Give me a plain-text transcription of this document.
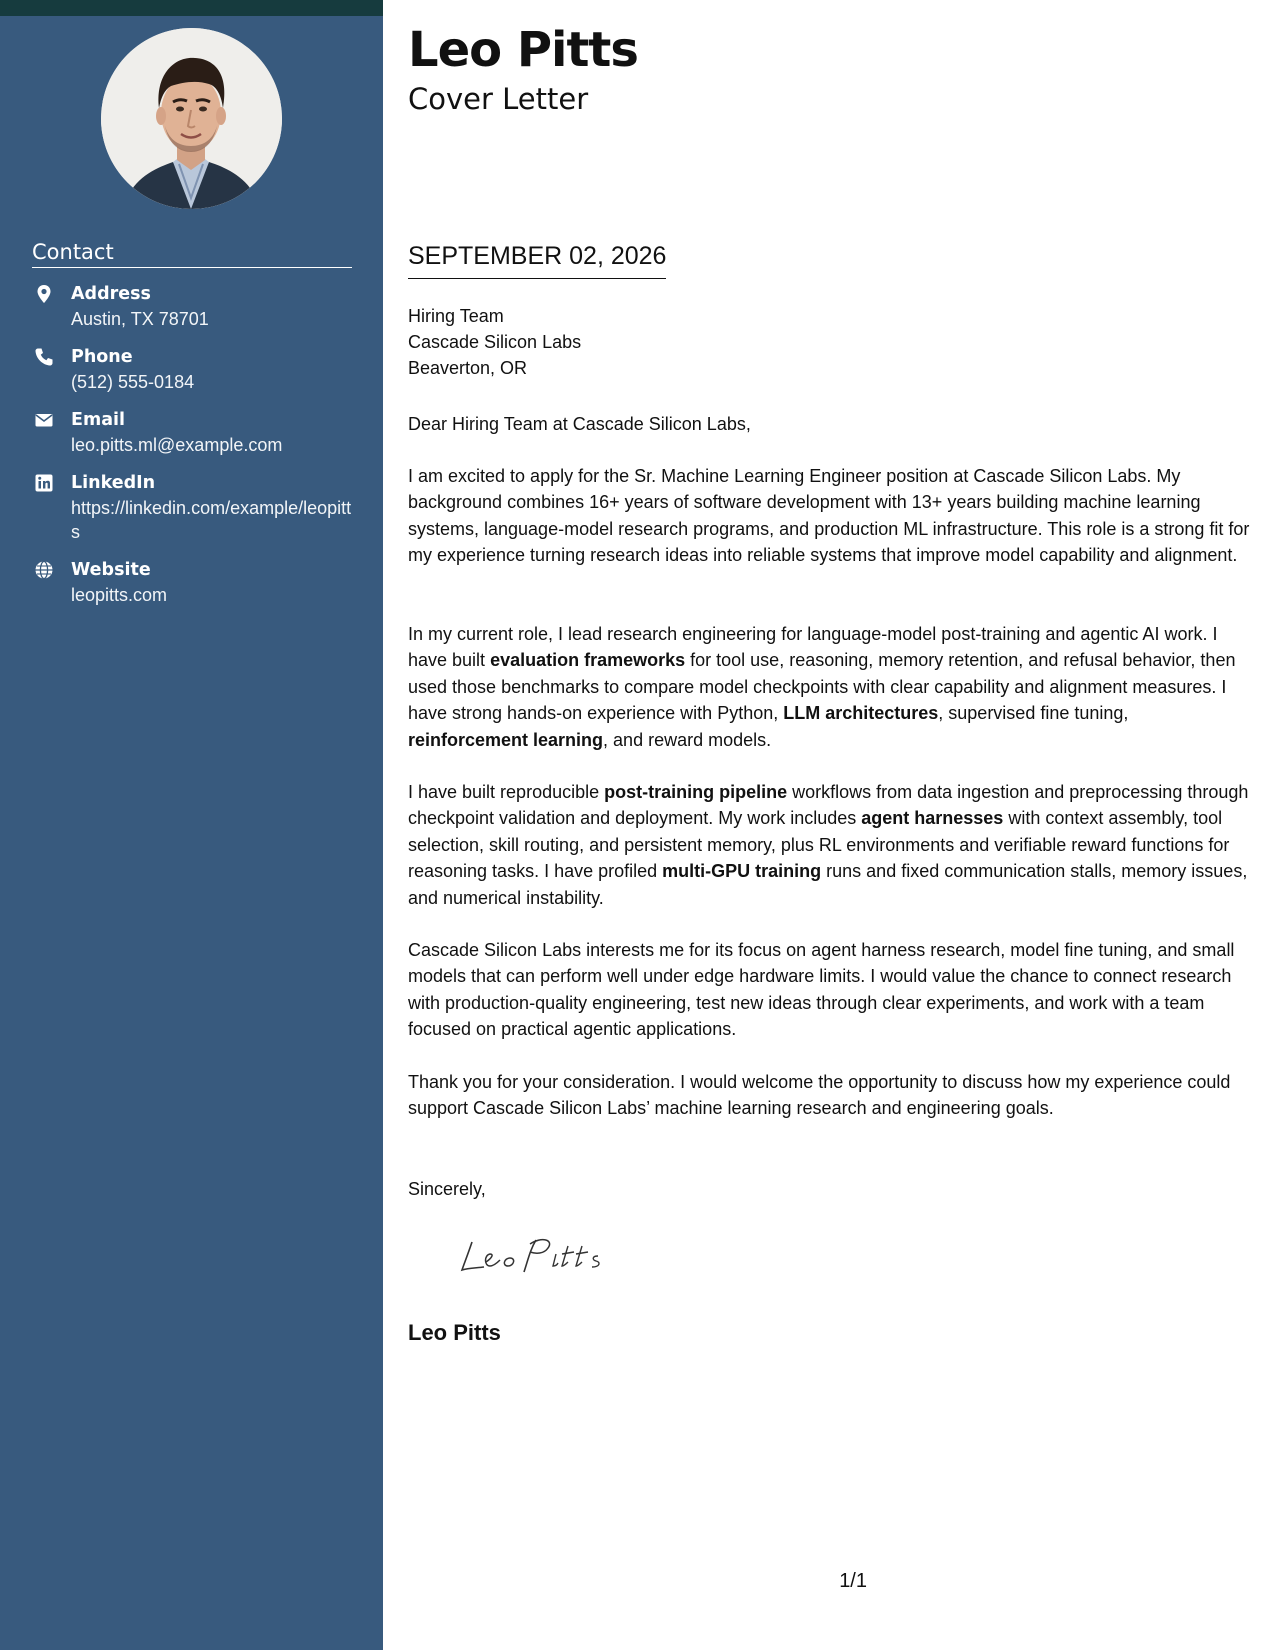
Contact
Address
Austin, TX 78701
Phone
(512) 555-0184
Email
leo.pitts.ml@example.com
LinkedIn
https://linkedin.com/example/leopitts
Website
leopitts.com
Leo Pitts
Cover Letter
SEPTEMBER 02, 2026
Hiring Team
Cascade Silicon Labs
Beaverton, OR
Dear Hiring Team at Cascade Silicon Labs,

I am excited to apply for the Sr. Machine Learning Engineer position at Cascade Silicon Labs. My background combines 16+ years of software development with 13+ years building machine learning systems, language-model research programs, and production ML infrastructure. This role is a strong fit for my experience turning research ideas into reliable systems that improve model capability and alignment.

In my current role, I lead research engineering for language-model post-training and agentic AI work. I have built evaluation frameworks for tool use, reasoning, memory retention, and refusal behavior, then used those benchmarks to compare model checkpoints with clear capability and alignment measures. I have strong hands-on experience with Python, LLM architectures, supervised fine tuning, reinforcement learning, and reward models.

I have built reproducible post-training pipeline workflows from data ingestion and preprocessing through checkpoint validation and deployment. My work includes agent harnesses with context assembly, tool selection, skill routing, and persistent memory, plus RL environments and verifiable reward functions for reasoning tasks. I have profiled multi-GPU training runs and fixed communication stalls, memory issues, and numerical instability.

Cascade Silicon Labs interests me for its focus on agent harness research, model fine tuning, and small models that can perform well under edge hardware limits. I would value the chance to connect research with production-quality engineering, test new ideas through clear experiments, and work with a team focused on practical agentic applications.

Thank you for your consideration. I would welcome the opportunity to discuss how my experience could support Cascade Silicon Labs’ machine learning research and engineering goals.

Sincerely,
Leo Pitts
1/1
